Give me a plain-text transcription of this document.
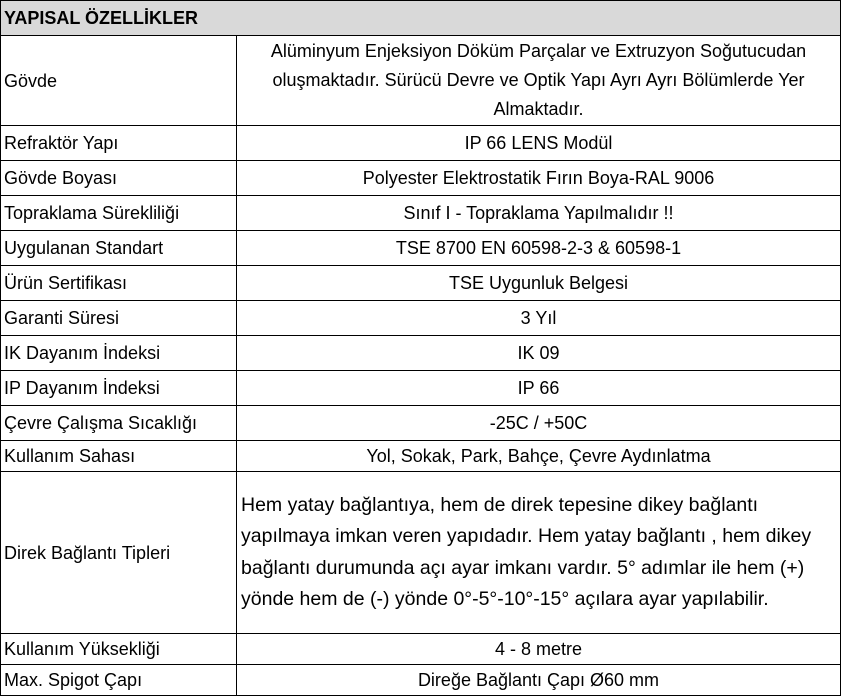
YAPISAL ÖZELLİKLER	
Gövde	Alüminyum Enjeksiyon Döküm Parçalar ve Extruzyon Soğutucudan oluşmaktadır. Sürücü Devre ve Optik Yapı Ayrı Ayrı Bölümlerde Yer Almaktadır.
Refraktör Yapı	IP 66 LENS Modül
Gövde Boyası	Polyester Elektrostatik Fırın Boya-RAL 9006
Topraklama Sürekliliği	Sınıf I - Topraklama Yapılmalıdır !!
Uygulanan Standart	TSE 8700 EN 60598-2-3 & 60598-1
Ürün Sertifikası	TSE Uygunluk Belgesi
Garanti Süresi	3 Yıl
IK Dayanım İndeksi	IK 09
IP Dayanım İndeksi	IP 66
Çevre Çalışma Sıcaklığı	-25C / +50C
Kullanım Sahası	Yol, Sokak, Park, Bahçe, Çevre Aydınlatma
Direk Bağlantı Tipleri	Hem yatay bağlantıya, hem de direk tepesine dikey bağlantı yapılmaya imkan veren yapıdadır. Hem yatay bağlantı , hem dikey bağlantı durumunda açı ayar imkanı vardır. 5° adımlar ile hem (+) yönde hem de (-) yönde 0°-5°-10°-15° açılara ayar yapılabilir.
Kullanım Yüksekliği	4 - 8 metre
Max. Spigot Çapı	Direğe Bağlantı Çapı Ø60 mm
